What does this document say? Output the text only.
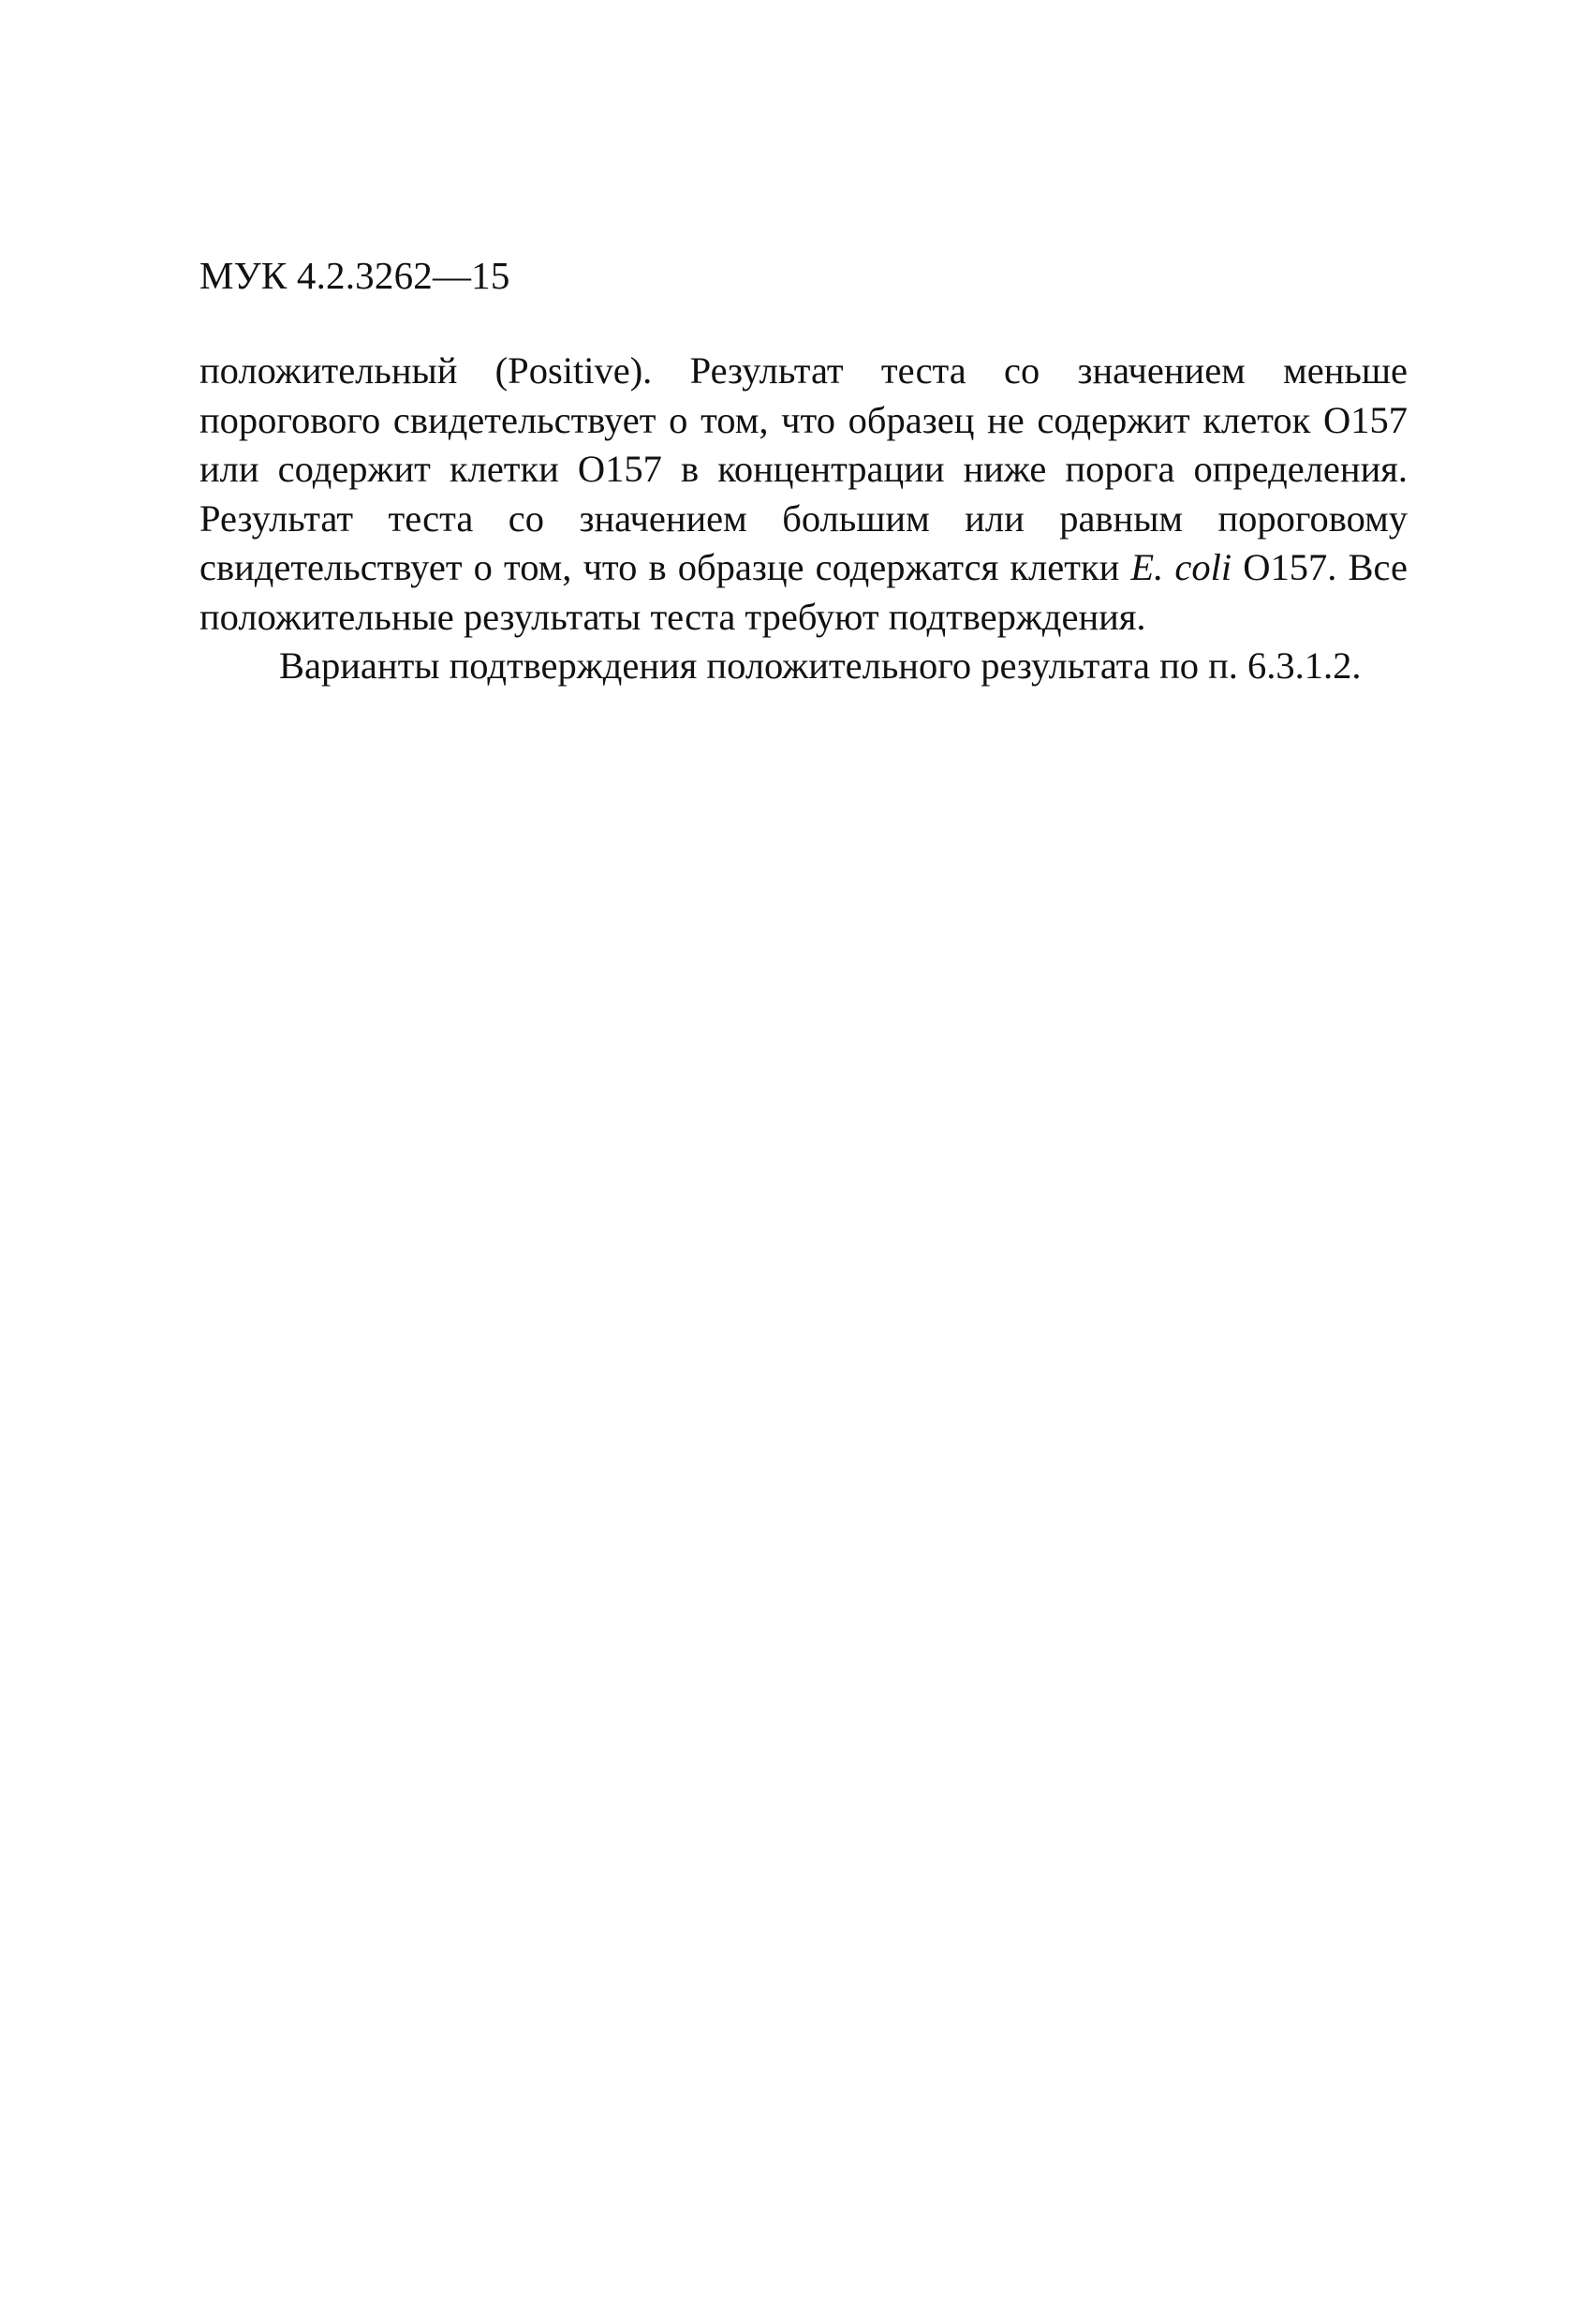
МУК 4.2.3262—15

положительный (Positive). Результат теста со значением меньше порогового свидетельствует о том, что образец не содержит клеток О157 или содержит клетки О157 в концентрации ниже порога определения. Результат теста со значением большим или равным пороговому свидетельствует о том, что в образце содержатся клетки E. coli О157. Все положительные результаты теста требуют подтверждения.

Варианты подтверждения положительного результата по п. 6.3.1.2.
